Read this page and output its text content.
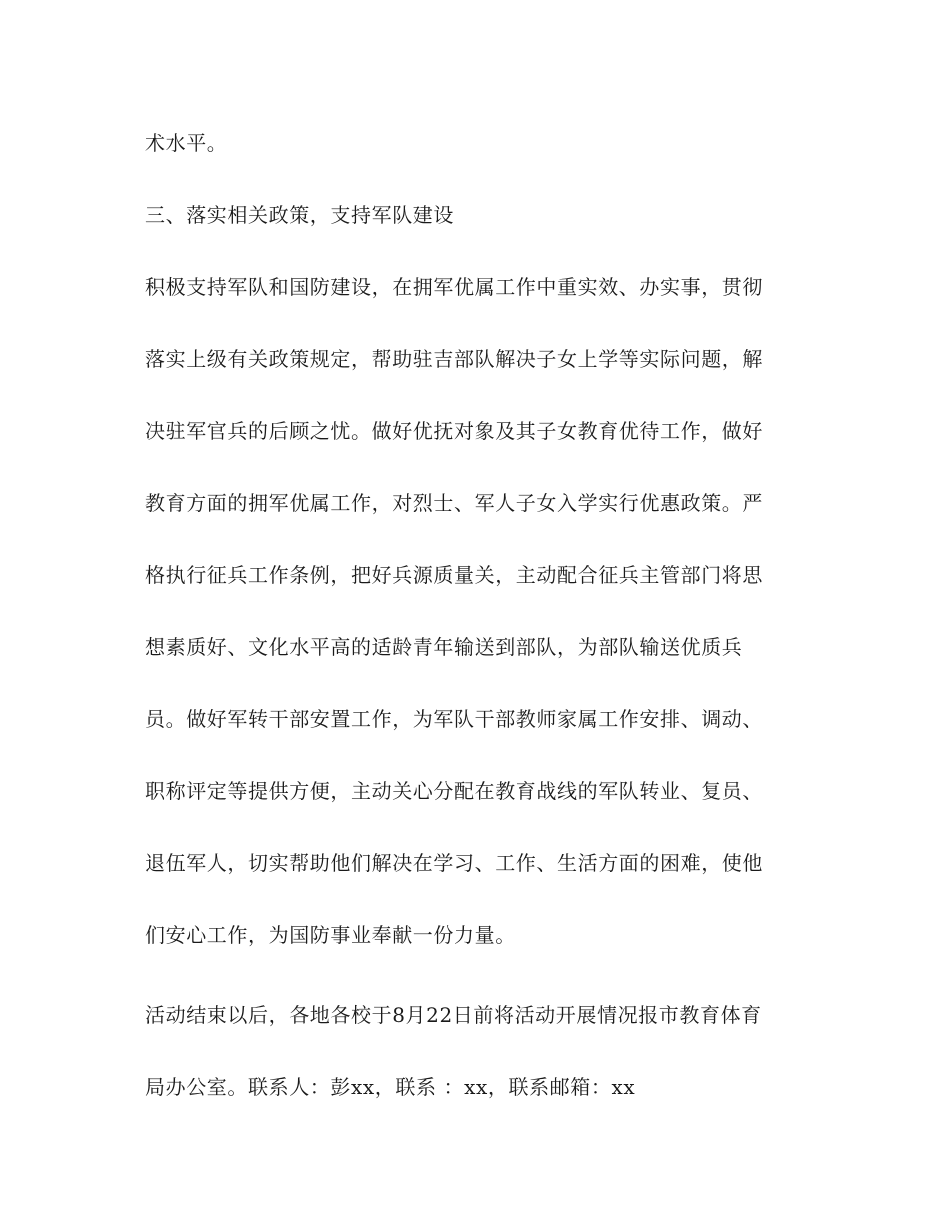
术水平。

三、落实相关政策，支持军队建设

积极支持军队和国防建设，在拥军优属工作中重实效、办实事，贯彻

落实上级有关政策规定，帮助驻吉部队解决子女上学等实际问题，解

决驻军官兵的后顾之忧。做好优抚对象及其子女教育优待工作，做好

教育方面的拥军优属工作，对烈士、军人子女入学实行优惠政策。严

格执行征兵工作条例，把好兵源质量关，主动配合征兵主管部门将思

想素质好、文化水平高的适龄青年输送到部队，为部队输送优质兵

员。做好军转干部安置工作，为军队干部教师家属工作安排、调动、

职称评定等提供方便，主动关心分配在教育战线的军队转业、复员、

退伍军人，切实帮助他们解决在学习、工作、生活方面的困难，使他

们安心工作，为国防事业奉献一份力量。

活动结束以后，各地各校于8月22日前将活动开展情况报市教育体育

局办公室。联系人：彭xx，联系 ：xx，联系邮箱：xx
